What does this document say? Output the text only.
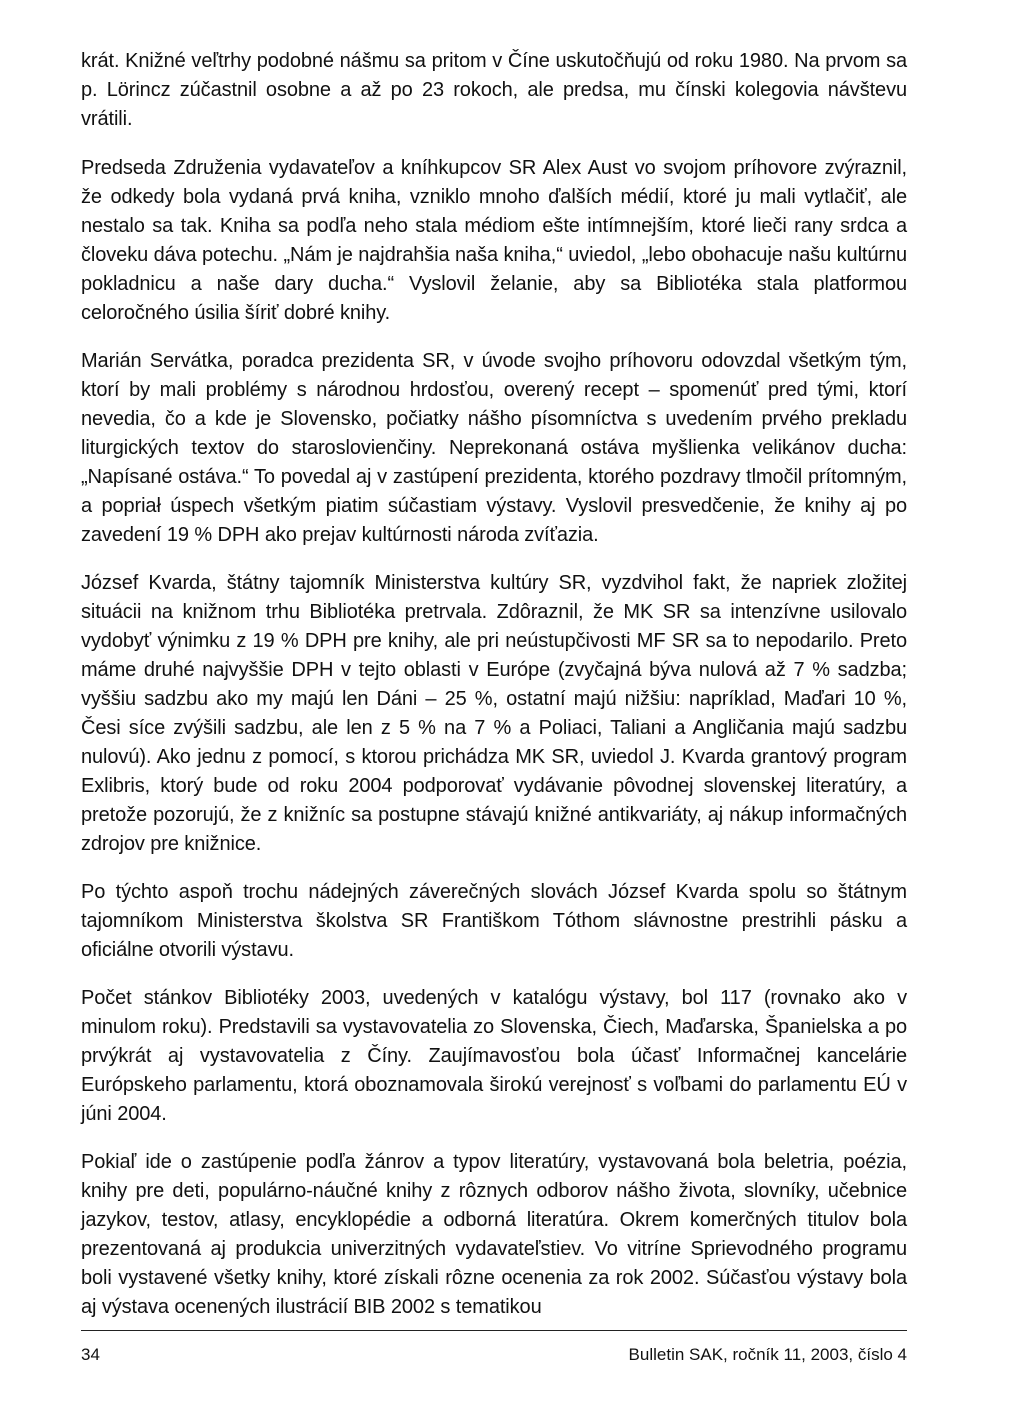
krát. Knižné veľtrhy podobné nášmu sa pritom v Číne uskutočňujú od roku 1980. Na prvom sa p. Lörincz zúčastnil osobne a až po 23 rokoch, ale predsa, mu čínski kolegovia návštevu vrátili.

Predseda Združenia vydavateľov a kníhkupcov SR Alex Aust vo svojom príhovore zvýraznil, že odkedy bola vydaná prvá kniha, vzniklo mnoho ďalších médií, ktoré ju mali vytlačiť, ale nestalo sa tak. Kniha sa podľa neho stala médiom ešte intímnejším, ktoré lieči rany srdca a človeku dáva potechu. „Nám je najdrahšia naša kniha,“ uviedol, „lebo obohacuje našu kultúrnu pokladnicu a naše dary ducha.“ Vyslovil želanie, aby sa Bibliotéka stala platformou celoročného úsilia šíriť dobré knihy.

Marián Servátka, poradca prezidenta SR, v úvode svojho príhovoru odovzdal všetkým tým, ktorí by mali problémy s národnou hrdosťou, overený recept – spomenúť pred tými, ktorí nevedia, čo a kde je Slovensko, počiatky nášho písomníctva s uvedením prvého prekladu liturgických textov do staroslovienčiny. Neprekonaná ostáva myšlienka velikánov ducha: „Napísané ostáva.“ To povedal aj v zastúpení prezidenta, ktorého pozdravy tlmočil prítomným, a popriał úspech všetkým piatim súčastiam výstavy. Vyslovil presvedčenie, že knihy aj po zavedení 19 % DPH ako prejav kultúrnosti národa zvíťazia.

József Kvarda, štátny tajomník Ministerstva kultúry SR, vyzdvihol fakt, že napriek zložitej situácii na knižnom trhu Bibliotéka pretrvala. Zdôraznil, že MK SR sa intenzívne usilovalo vydobyť výnimku z 19 % DPH pre knihy, ale pri neústupčivosti MF SR sa to nepodarilo. Preto máme druhé najvyššie DPH v tejto oblasti v Európe (zvyčajná býva nulová až 7 % sadzba; vyššiu sadzbu ako my majú len Dáni – 25 %, ostatní majú nižšiu: napríklad, Maďari 10 %, Česi síce zvýšili sadzbu, ale len z 5 % na 7 % a Poliaci, Taliani a Angličania majú sadzbu nulovú). Ako jednu z pomocí, s ktorou prichádza MK SR, uviedol J. Kvarda grantový program Exlibris, ktorý bude od roku 2004 podporovať vydávanie pôvodnej slovenskej literatúry, a pretože pozorujú, že z knižníc sa postupne stávajú knižné antikvariáty, aj nákup informačných zdrojov pre knižnice.

Po týchto aspoň trochu nádejných záverečných slovách József Kvarda spolu so štátnym tajomníkom Ministerstva školstva SR Františkom Tóthom slávnostne prestrihli pásku a oficiálne otvorili výstavu.

Počet stánkov Bibliotéky 2003, uvedených v katalógu výstavy, bol 117 (rovnako ako v minulom roku). Predstavili sa vystavovatelia zo Slovenska, Čiech, Maďarska, Španielska a po prvýkrát aj vystavovatelia z Číny. Zaujímavosťou bola účasť Informačnej kancelárie Európskeho parlamentu, ktorá oboznamovala širokú verejnosť s voľbami do parlamentu EÚ v júni 2004.

Pokiaľ ide o zastúpenie podľa žánrov a typov literatúry, vystavovaná bola beletria, poézia, knihy pre deti, populárno-náučné knihy z rôznych odborov nášho života, slovníky, učebnice jazykov, testov, atlasy, encyklopédie a odborná literatúra. Okrem komerčných titulov bola prezentovaná aj produkcia univerzitných vydavateľstiev. Vo vitríne Sprievodného programu boli vystavené všetky knihy, ktoré získali rôzne ocenenia za rok 2002. Súčasťou výstavy bola aj výstava ocenených ilustrácií BIB 2002 s tematikou

34	Bulletin SAK, ročník 11, 2003, číslo 4
